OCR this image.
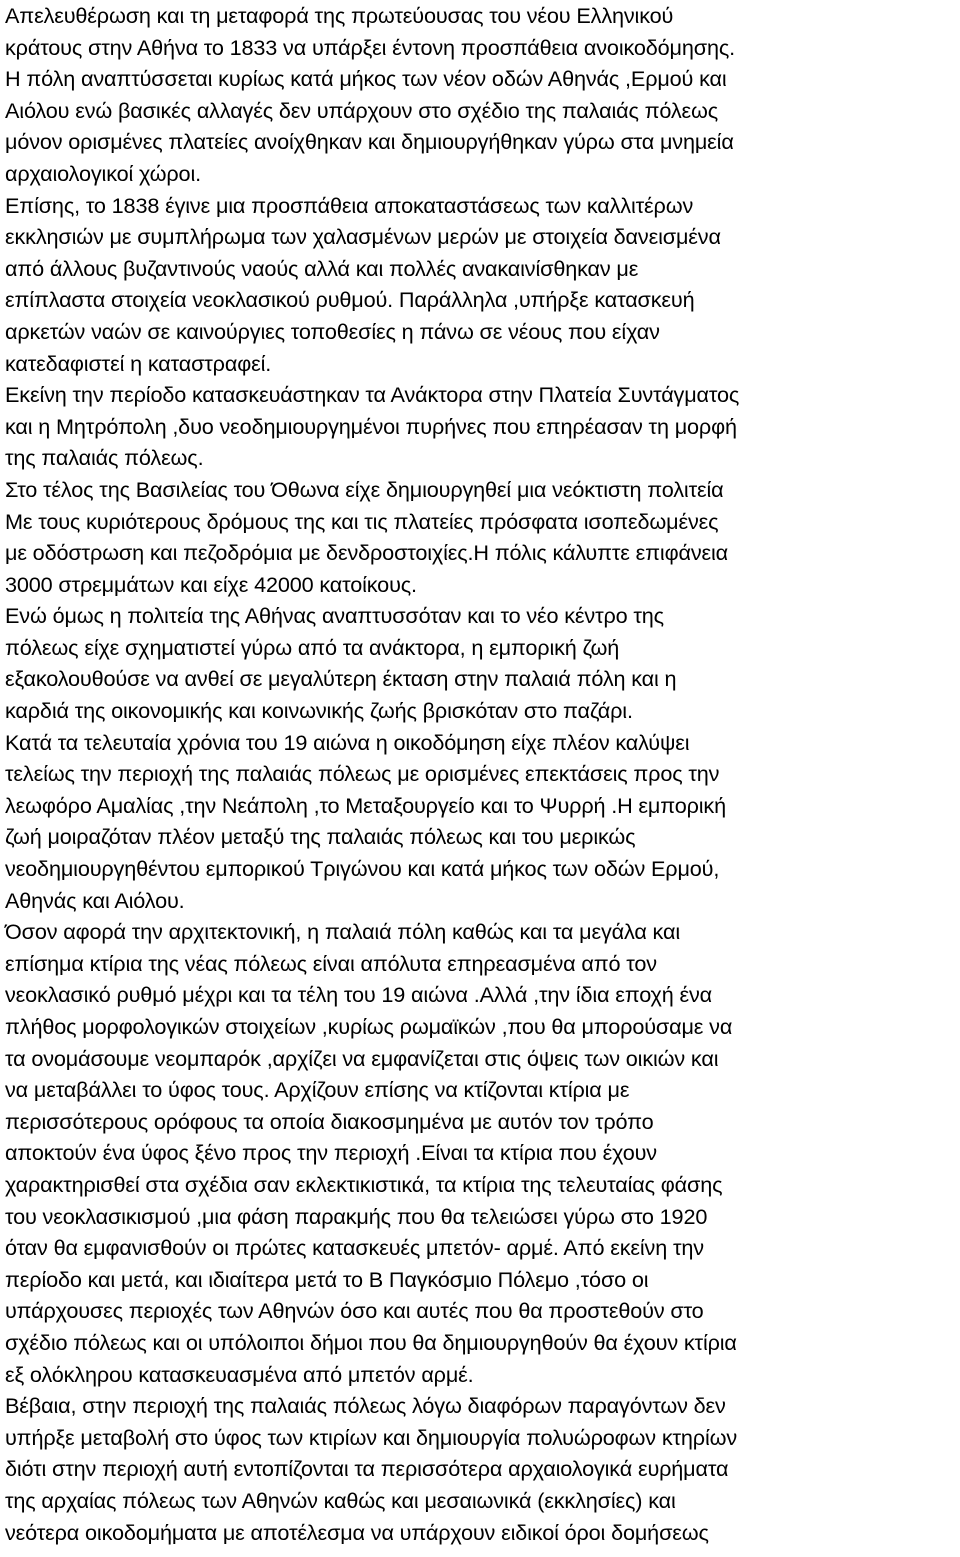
Απελευθέρωση και τη μεταφορά της πρωτεύουσας του νέου Ελληνικού κράτους στην Αθήνα το 1833 να υπάρξει έντονη προσπάθεια ανοικοδόμησης. Η πόλη αναπτύσσεται κυρίως κατά μήκος των νέον οδών Αθηνάς ,Ερμού και Αιόλου ενώ βασικές αλλαγές δεν υπάρχουν στο σχέδιο της παλαιάς πόλεως μόνον ορισμένες πλατείες ανοίχθηκαν και δημιουργήθηκαν γύρω στα μνημεία αρχαιολογικοί χώροι. Επίσης, το 1838 έγινε μια προσπάθεια αποκαταστάσεως των καλλιτέρων εκκλησιών με συμπλήρωμα των χαλασμένων μερών με στοιχεία δανεισμένα από άλλους βυζαντινούς ναούς αλλά και πολλές ανακαινίσθηκαν με επίπλαστα στοιχεία νεοκλασικού ρυθμού. Παράλληλα ,υπήρξε κατασκευή αρκετών ναών σε καινούργιες τοποθεσίες η πάνω σε νέους που είχαν κατεδαφιστεί η καταστραφεί. Εκείνη την περίοδο κατασκευάστηκαν τα Ανάκτορα στην Πλατεία Συντάγματος και η Μητρόπολη ,δυο νεοδημιουργημένοι πυρήνες που επηρέασαν τη μορφή της παλαιάς πόλεως. Στο τέλος της Βασιλείας του Όθωνα είχε δημιουργηθεί μια νεόκτιστη πολιτεία Με τους κυριότερους δρόμους της και τις πλατείες πρόσφατα ισοπεδωμένες με οδόστρωση και πεζοδρόμια με δενδροστοιχίες.Η πόλις κάλυπτε επιφάνεια 3000 στρεμμάτων και είχε 42000 κατοίκους. Ενώ όμως η πολιτεία της Αθήνας αναπτυσσόταν και το νέο κέντρο της πόλεως είχε σχηματιστεί γύρω από τα ανάκτορα, η εμπορική ζωή εξακολουθούσε να ανθεί σε μεγαλύτερη έκταση στην παλαιά πόλη και η καρδιά της οικονομικής και κοινωνικής ζωής βρισκόταν στο παζάρι. Κατά τα τελευταία χρόνια του 19 αιώνα η οικοδόμηση είχε πλέον καλύψει τελείως την περιοχή της παλαιάς πόλεως με ορισμένες επεκτάσεις προς την λεωφόρο Αμαλίας ,την Νεάπολη ,το Μεταξουργείο και το Ψυρρή .Η εμπορική ζωή μοιραζόταν πλέον μεταξύ της παλαιάς πόλεως και του μερικώς νεοδημιουργηθέντου εμπορικού Τριγώνου και κατά μήκος των οδών Ερμού, Αθηνάς και Αιόλου. Όσον αφορά την αρχιτεκτονική, η παλαιά πόλη καθώς και τα μεγάλα και επίσημα κτίρια της νέας πόλεως είναι απόλυτα επηρεασμένα από τον νεοκλασικό ρυθμό μέχρι και τα τέλη του 19 αιώνα .Αλλά ,την ίδια εποχή ένα πλήθος μορφολογικών στοιχείων ,κυρίως ρωμαϊκών ,που θα μπορούσαμε να τα ονομάσουμε νεομπαρόκ ,αρχίζει να εμφανίζεται στις όψεις των οικιών και να μεταβάλλει το ύφος τους. Αρχίζουν επίσης να κτίζονται κτίρια με περισσότερους ορόφους τα οποία διακοσμημένα με αυτόν τον τρόπο αποκτούν ένα ύφος ξένο προς την περιοχή .Είναι τα κτίρια που έχουν χαρακτηρισθεί στα σχέδια σαν εκλεκτικιστικά, τα κτίρια της τελευταίας φάσης του νεοκλασικισμού ,μια φάση παρακμής που θα τελειώσει γύρω στο 1920 όταν θα εμφανισθούν οι πρώτες κατασκευές μπετόν- αρμέ. Από εκείνη την περίοδο και μετά, και ιδιαίτερα μετά το Β Παγκόσμιο Πόλεμο ,τόσο οι υπάρχουσες περιοχές των Αθηνών όσο και αυτές που θα προστεθούν στο σχέδιο πόλεως και οι υπόλοιποι δήμοι που θα δημιουργηθούν θα έχουν κτίρια εξ ολόκληρου κατασκευασμένα από μπετόν αρμέ. Βέβαια, στην περιοχή της παλαιάς πόλεως λόγω διαφόρων παραγόντων δεν υπήρξε μεταβολή στο ύφος των κτιρίων και δημιουργία πολυώροφων κτηρίων διότι στην περιοχή αυτή εντοπίζονται τα περισσότερα αρχαιολογικά ευρήματα της αρχαίας πόλεως των Αθηνών καθώς και μεσαιωνικά (εκκλησίες) και νεότερα οικοδομήματα με αποτέλεσμα να υπάρχουν ειδικοί όροι δομήσεως
